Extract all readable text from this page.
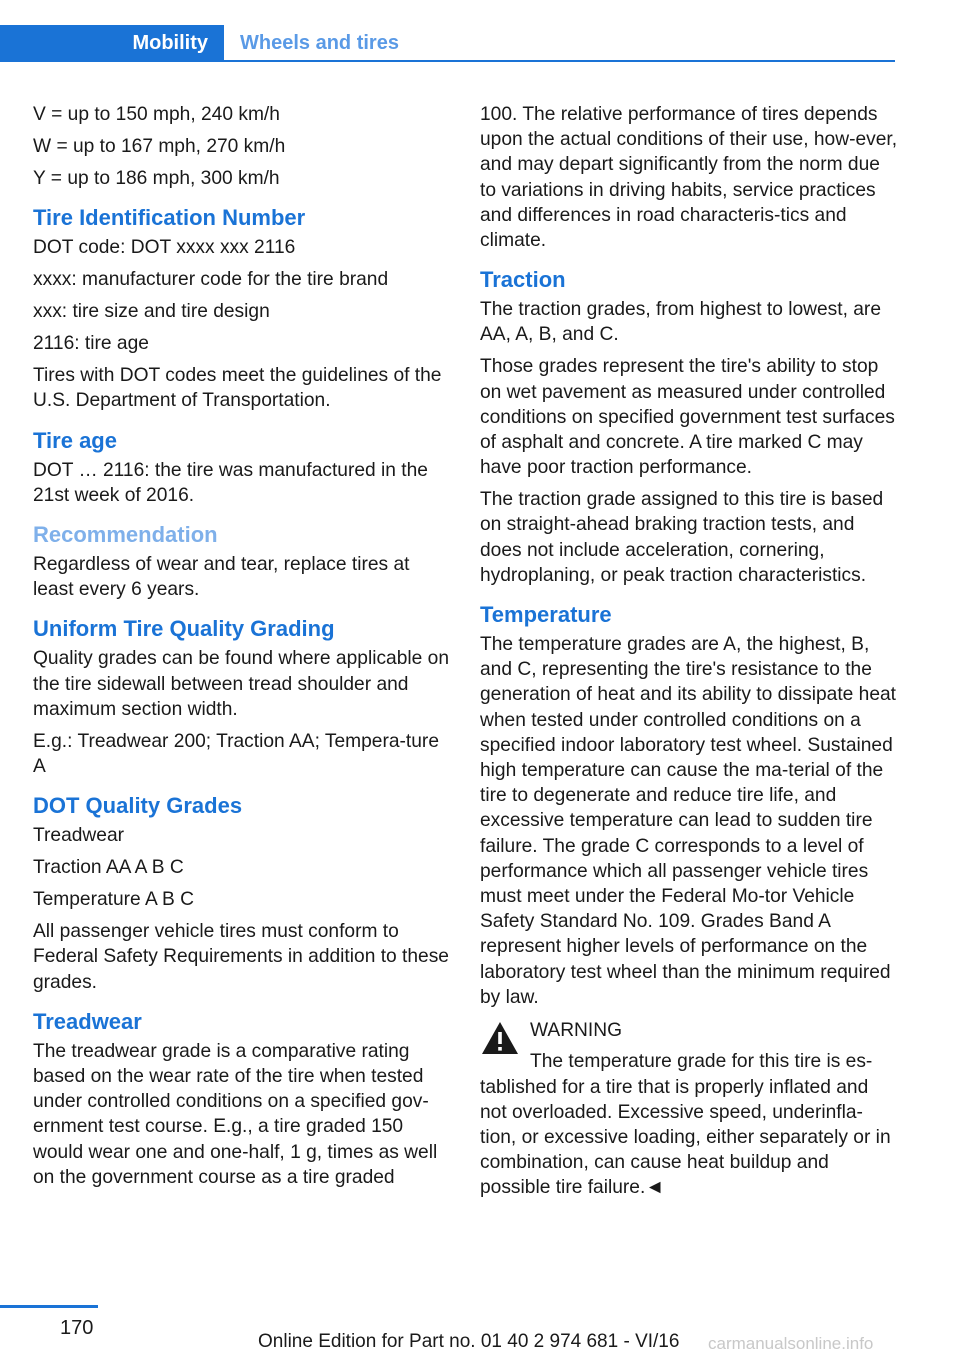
Mobility Wheels and tires

V = up to 150 mph, 240 km/h

W = up to 167 mph, 270 km/h

Y = up to 186 mph, 300 km/h

Tire Identification Number

DOT code: DOT xxxx xxx 2116

xxxx: manufacturer code for the tire brand

xxx: tire size and tire design

2116: tire age

Tires with DOT codes meet the guidelines of the U.S. Department of Transportation.

Tire age

DOT … 2116: the tire was manufactured in the 21st week of 2016.

Recommendation

Regardless of wear and tear, replace tires at least every 6 years.

Uniform Tire Quality Grading

Quality grades can be found where applicable on the tire sidewall between tread shoulder and maximum section width.

E.g.: Treadwear 200; Traction AA; Tempera‐ture A

DOT Quality Grades

Treadwear

Traction AA A B C

Temperature A B C

All passenger vehicle tires must conform to Federal Safety Requirements in addition to these grades.

Treadwear

The treadwear grade is a comparative rating based on the wear rate of the tire when tested under controlled conditions on a specified gov‐ernment test course. E.g., a tire graded 150 would wear one and one-half, 1 g, times as well on the government course as a tire graded

100. The relative performance of tires depends upon the actual conditions of their use, how‐ever, and may depart significantly from the norm due to variations in driving habits, service practices and differences in road characteris‐tics and climate.

Traction

The traction grades, from highest to lowest, are AA, A, B, and C.

Those grades represent the tire's ability to stop on wet pavement as measured under controlled conditions on specified government test surfaces of asphalt and concrete. A tire marked C may have poor traction performance.

The traction grade assigned to this tire is based on straight-ahead braking traction tests, and does not include acceleration, cornering, hydroplaning, or peak traction characteristics.

Temperature

The temperature grades are A, the highest, B, and C, representing the tire's resistance to the generation of heat and its ability to dissipate heat when tested under controlled conditions on a specified indoor laboratory test wheel. Sustained high temperature can cause the ma‐terial of the tire to degenerate and reduce tire life, and excessive temperature can lead to sudden tire failure. The grade C corresponds to a level of performance which all passenger vehicle tires must meet under the Federal Mo‐tor Vehicle Safety Standard No. 109. Grades Band A represent higher levels of performance on the laboratory test wheel than the minimum required by law.

WARNING

The temperature grade for this tire is es‐

tablished for a tire that is properly inflated and not overloaded. Excessive speed, underinfla‐tion, or excessive loading, either separately or in combination, can cause heat buildup and possible tire failure.◄

170
Online Edition for Part no. 01 40 2 974 681 - VI/16 carmanualsonline.info
